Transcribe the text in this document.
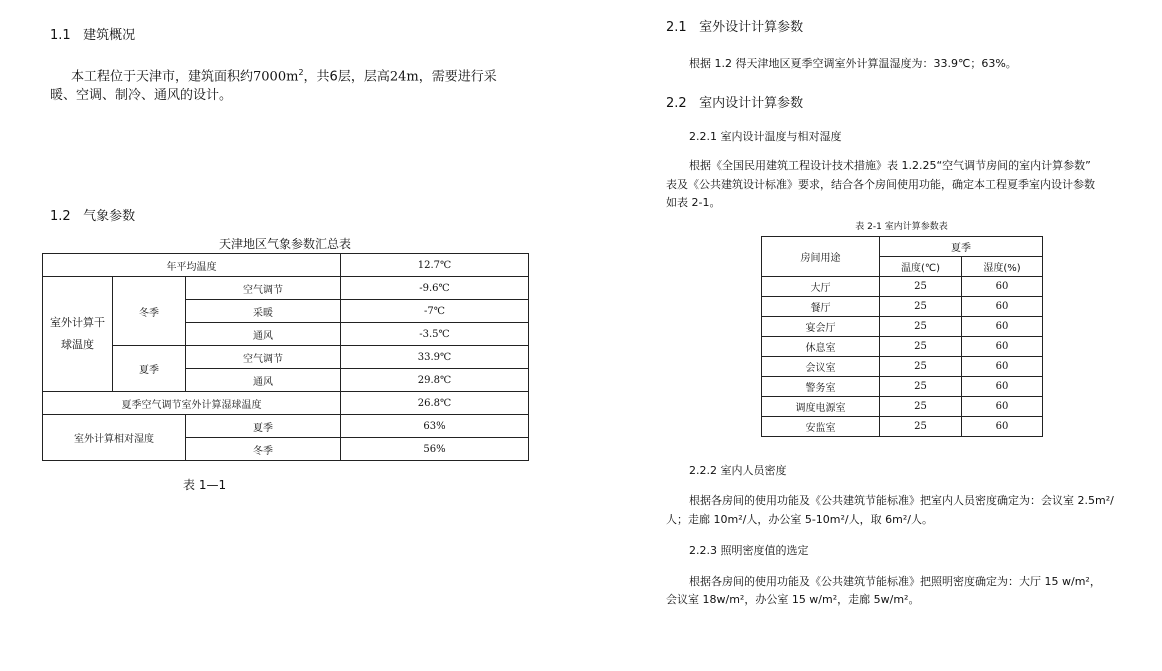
1.1 建筑概况
本工程位于天津市，建筑面积约$7000m^2$，共6层，层高24m，需要进行采
暖、空调、制冷、通风的设计。
1.2 气象参数
天津地区气象参数汇总表
年平均温度			12.7℃
室外计算干
球温度	冬季	空气调节	-9.6℃
		采暖	-7℃
		通风	-3.5℃
	夏季	空气调节	33.9℃
		通风	29.8℃
夏季空气调节室外计算湿球温度			26.8℃
室外计算相对湿度		夏季	63%
		冬季	56%
表 1—1
2.1 室外设计计算参数
根据 1.2 得天津地区夏季空调室外计算温湿度为：33.9℃；63%。
2.2 室内设计计算参数
2.2.1 室内设计温度与相对湿度
根据《全国民用建筑工程设计技术措施》表 1.2.25“空气调节房间的室内计算参数”
表及《公共建筑设计标准》要求，结合各个房间使用功能，确定本工程夏季室内设计参数
如表 2-1。
表 2-1 室内计算参数表
房间用途	夏季	
	温度(℃)	湿度(%)
大厅	25	60
餐厅	25	60
宴会厅	25	60
休息室	25	60
会议室	25	60
警务室	25	60
调度电源室	25	60
安监室	25	60
2.2.2 室内人员密度
根据各房间的使用功能及《公共建筑节能标准》把室内人员密度确定为：会议室 2.5m²/
人；走廊 10m²/人，办公室 5-10m²/人，取 6m²/人。
2.2.3 照明密度值的选定
根据各房间的使用功能及《公共建筑节能标准》把照明密度确定为：大厅 15 w/m²，
会议室 18w/m²，办公室 15 w/m²，走廊 5w/m²。
